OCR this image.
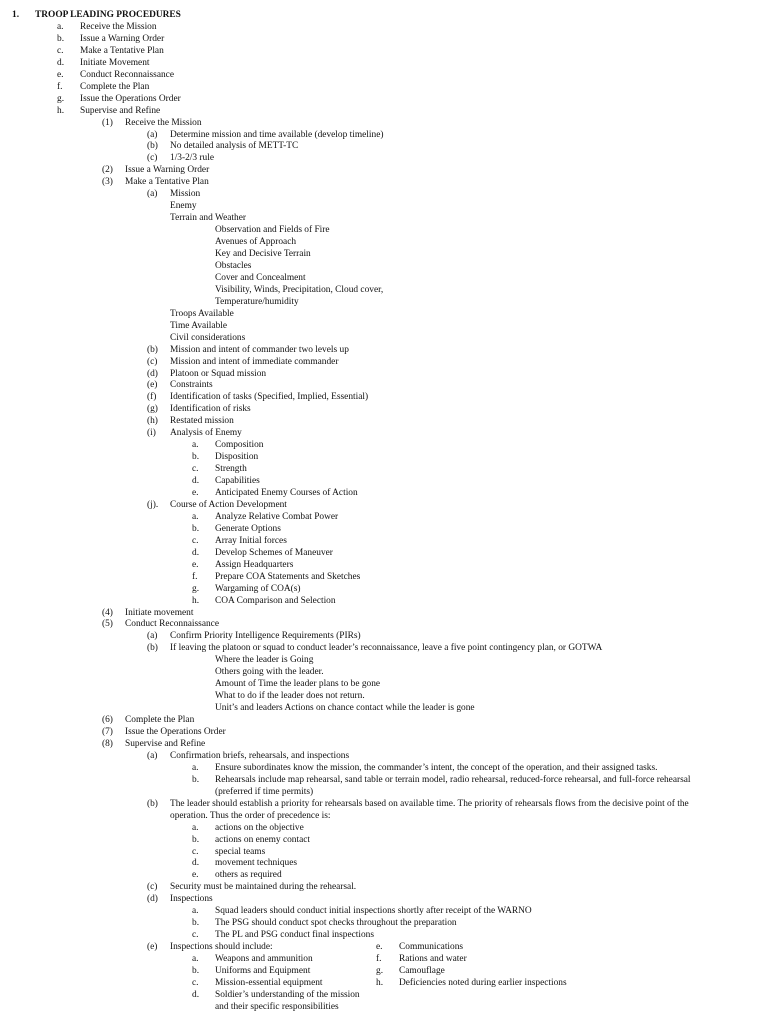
1. TROOP LEADING PROCEDURES
a. Receive the Mission
b. Issue a Warning Order
c. Make a Tentative Plan
d. Initiate Movement
e. Conduct Reconnaissance
f. Complete the Plan
g. Issue the Operations Order
h. Supervise and Refine
(1) Receive the Mission
(a) Determine mission and time available (develop timeline)
(b) No detailed analysis of METT-TC
(c) 1/3-2/3 rule
(2) Issue a Warning Order
(3) Make a Tentative Plan
(a) Mission
Enemy
Terrain and Weather
Observation and Fields of Fire
Avenues of Approach
Key and Decisive Terrain
Obstacles
Cover and Concealment
Visibility, Winds, Precipitation, Cloud cover,
Temperature/humidity
Troops Available
Time Available
Civil considerations
(b) Mission and intent of commander two levels up
(c) Mission and intent of immediate commander
(d) Platoon or Squad mission
(e) Constraints
(f) Identification of tasks (Specified, Implied, Essential)
(g) Identification of risks
(h) Restated mission
(i) Analysis of Enemy
a. Composition
b. Disposition
c. Strength
d. Capabilities
e. Anticipated Enemy Courses of Action
(j). Course of Action Development
a. Analyze Relative Combat Power
b. Generate Options
c. Array Initial forces
d. Develop Schemes of Maneuver
e. Assign Headquarters
f. Prepare COA Statements and Sketches
g. Wargaming of COA(s)
h. COA Comparison and Selection
(4) Initiate movement
(5) Conduct Reconnaissance
(a) Confirm Priority Intelligence Requirements (PIRs)
(b) If leaving the platoon or squad to conduct leader’s reconnaissance, leave a five point contingency plan, or GOTWA
Where the leader is Going
Others going with the leader.
Amount of Time the leader plans to be gone
What to do if the leader does not return.
Unit’s and leaders Actions on chance contact while the leader is gone
(6) Complete the Plan
(7) Issue the Operations Order
(8) Supervise and Refine
(a) Confirmation briefs, rehearsals, and inspections
a. Ensure subordinates know the mission, the commander’s intent, the concept of the operation, and their assigned tasks.
b. Rehearsals include map rehearsal, sand table or terrain model, radio rehearsal, reduced-force rehearsal, and full-force rehearsal
(preferred if time permits)
(b) The leader should establish a priority for rehearsals based on available time. The priority of rehearsals flows from the decisive point of the
operation. Thus the order of precedence is:
a. actions on the objective
b. actions on enemy contact
c. special teams
d. movement techniques
e. others as required
(c) Security must be maintained during the rehearsal.
(d) Inspections
a. Squad leaders should conduct initial inspections shortly after receipt of the WARNO
b. The PSG should conduct spot checks throughout the preparation
c. The PL and PSG conduct final inspections
(e) Inspections should include:	e. Communications
a. Weapons and ammunition	f. Rations and water
b. Uniforms and Equipment	g. Camouflage
c. Mission-essential equipment	h. Deficiencies noted during earlier inspections
d. Soldier’s understanding of the mission
and their specific responsibilities
